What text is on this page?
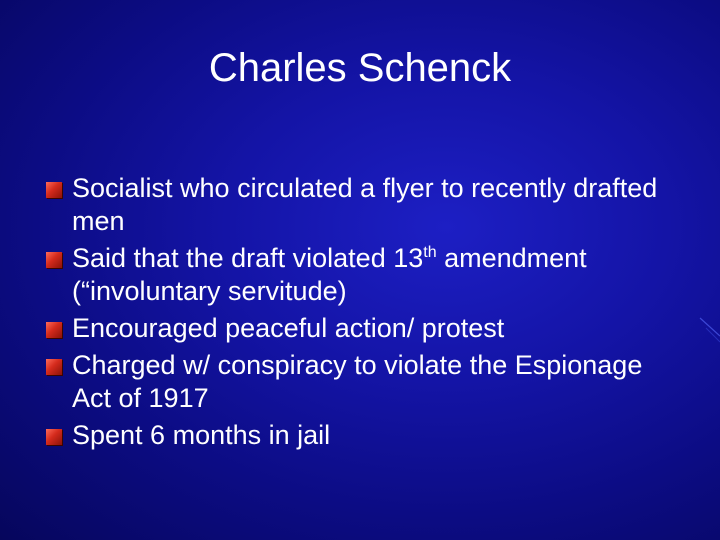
Charles Schenck
Socialist who circulated a flyer to recently drafted men
Said that the draft violated 13th amendment (“involuntary servitude)
Encouraged peaceful action/ protest
Charged w/ conspiracy to violate the Espionage Act of 1917
Spent 6 months in jail
